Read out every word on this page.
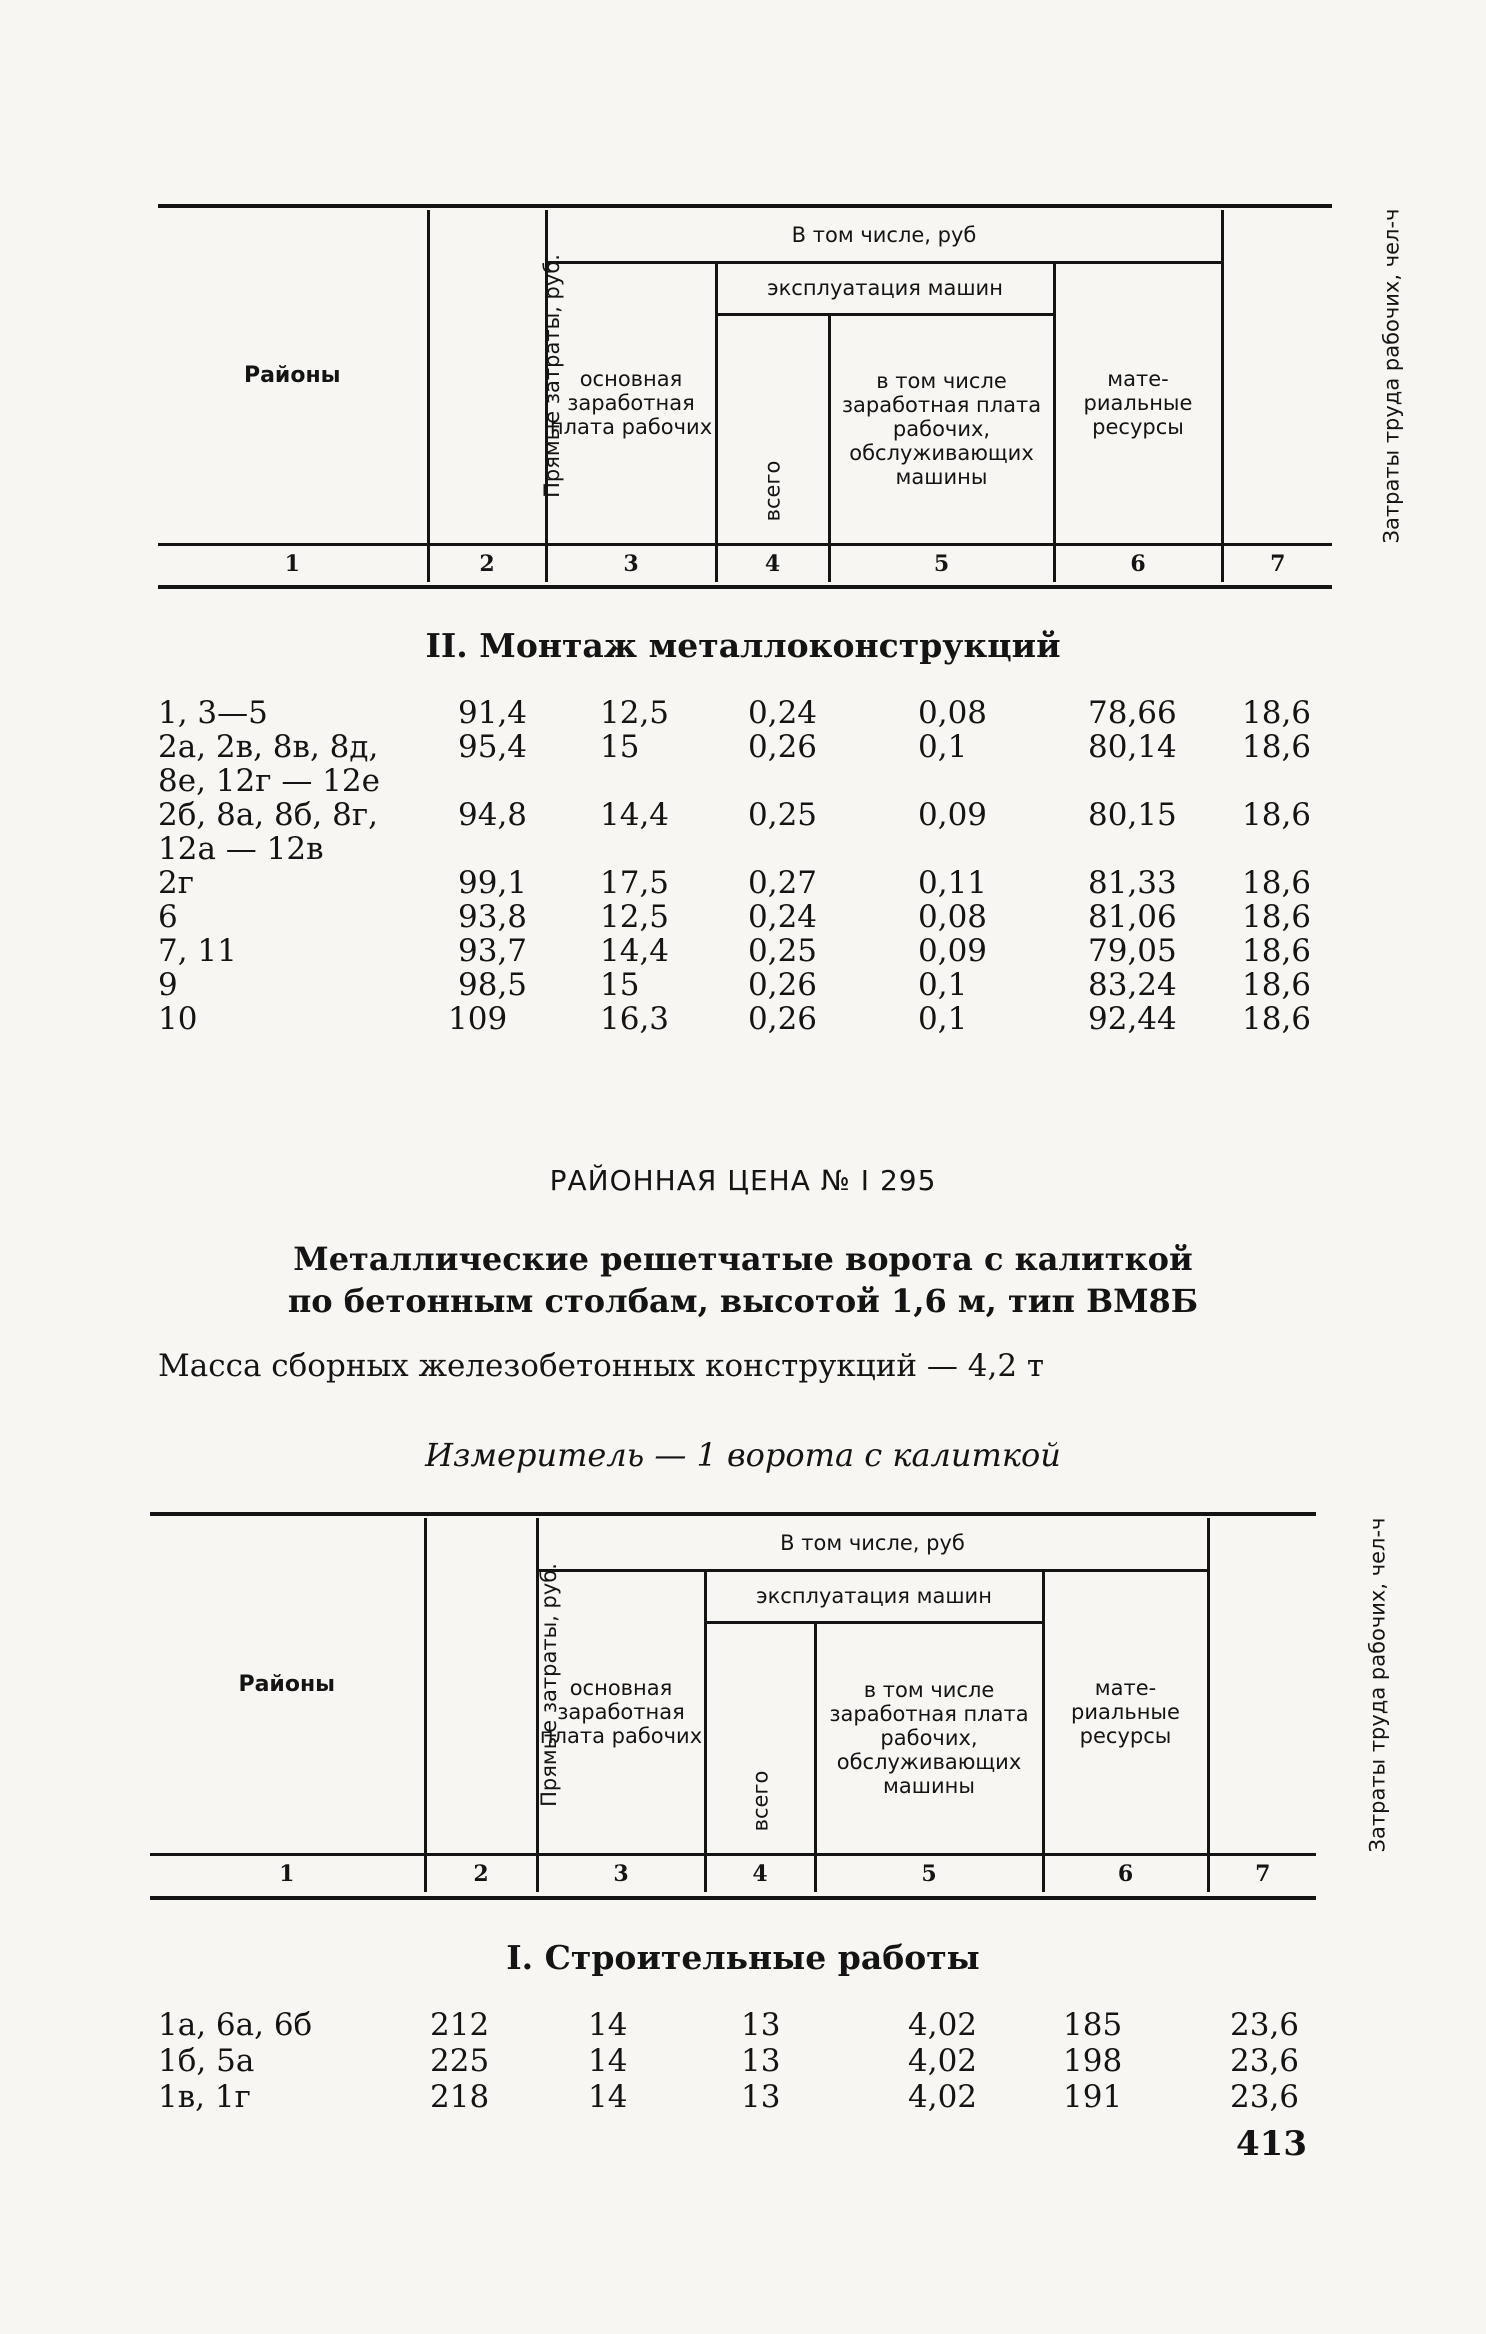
Районы	Прямые затраты, руб.	В том числе, руб				Затраты труда рабочих, чел-ч
		основная заработная плата рабочих	эксплуатация машин		мате- риальные ресурсы	
			всего	в том числе заработная плата рабочих, обслуживающих машины		
1	2	3	4	5	6	7
II. Монтаж металлоконструкций
1, 3—5	91,4 12,5	0,24	0,08	78,66 18,6
2а, 2в, 8в, 8д,	95,4 15	0,26	0,1	80,14 18,6
8е, 12г — 12е
2б, 8а, 8б, 8г,	94,8 14,4	0,25	0,09	80,15 18,6
12а — 12в
2г	99,1 17,5	0,27	0,11	81,33 18,6
6	93,8 12,5	0,24	0,08	81,06 18,6
7, 11	93,7 14,4	0,25	0,09	79,05 18,6
9	98,5 15	0,26	0,1	83,24 18,6
10	109	16,3	0,26	0,1	92,44 18,6
РАЙОННАЯ ЦЕНА № I 295
Металлические решетчатые ворота с калиткой
по бетонным столбам, высотой 1,6 м, тип ВМ8Б
Масса сборных железобетонных конструкций — 4,2 т
Измеритель — 1 ворота с калиткой
Районы	Прямые затраты, руб.	В том числе, руб				Затраты труда рабочих, чел-ч
		основная заработная плата рабочих	эксплуатация машин		мате- риальные ресурсы	
			всего	в том числе заработная плата рабочих, обслуживающих машины		
1	2	3	4	5	6	7
I. Строительные работы
1а, 6а, 6б	212	14	13	4,02	185	23,6
1б, 5а	225	14	13	4,02	198	23,6
1в, 1г	218	14	13	4,02	191	23,6
413
